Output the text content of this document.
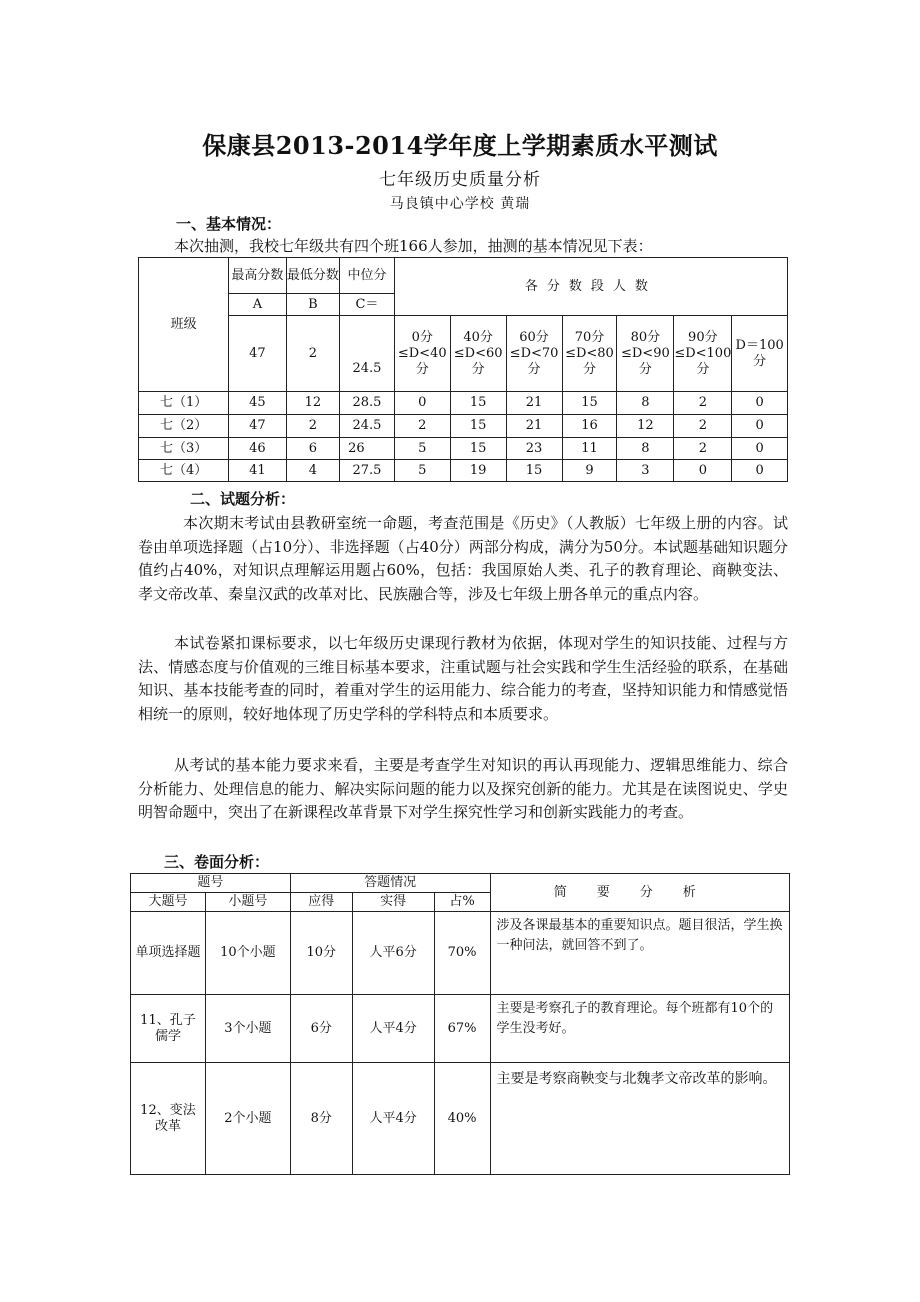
保康县2013-2014学年度上学期素质水平测试
七年级历史质量分析
马良镇中心学校 黄瑞
一、基本情况：
本次抽测，我校七年级共有四个班166人参加，抽测的基本情况见下表：
班级	最高分数	最低分数	中位分	各分数段人数						
	A	B	C＝							
	47	2	24.5	0分≤D<40分	40分≤D<60分	60分≤D<70分	70分≤D<80分	80分≤D<90分	90分≤D<100分	D＝100分
七（1）	45	12	28.5	0	15	21	15	8	2	0
七（2）	47	2	24.5	2	15	21	16	12	2	0
七（3）	46	6	26	5	15	23	11	8	2	0
七（4）	41	4	27.5	5	19	15	9	3	0	0
二、试题分析：
本次期末考试由县教研室统一命题，考查范围是《历史》（人教版）七年级上册的内容。试卷由单项选择题（占10分）、非选择题（占40分）两部分构成，满分为50分。本试题基础知识题分值约占40%，对知识点理解运用题占60%，包括：我国原始人类、孔子的教育理论、商鞅变法、孝文帝改革、秦皇汉武的改革对比、民族融合等，涉及七年级上册各单元的重点内容。
本试卷紧扣课标要求，以七年级历史课现行教材为依据，体现对学生的知识技能、过程与方法、情感态度与价值观的三维目标基本要求，注重试题与社会实践和学生生活经验的联系，在基础知识、基本技能考查的同时，着重对学生的运用能力、综合能力的考查，坚持知识能力和情感觉悟相统一的原则，较好地体现了历史学科的学科特点和本质要求。
从考试的基本能力要求来看，主要是考查学生对知识的再认再现能力、逻辑思维能力、综合分析能力、处理信息的能力、解决实际问题的能力以及探究创新的能力。尤其是在读图说史、学史明智命题中，突出了在新课程改革背景下对学生探究性学习和创新实践能力的考查。
三、卷面分析：
题号		答题情况			简要分析
大题号	小题号	应得	实得	占%	
单项选择题	10个小题	10分	人平6分	70%	涉及各课最基本的重要知识点。题目很活，学生换一种问法，就回答不到了。
11、孔子儒学	3个小题	6分	人平4分	67%	主要是考察孔子的教育理论。每个班都有10个的学生没考好。
12、变法改革	2个小题	8分	人平4分	40%	主要是考察商鞅变与北魏孝文帝改革的影响。
